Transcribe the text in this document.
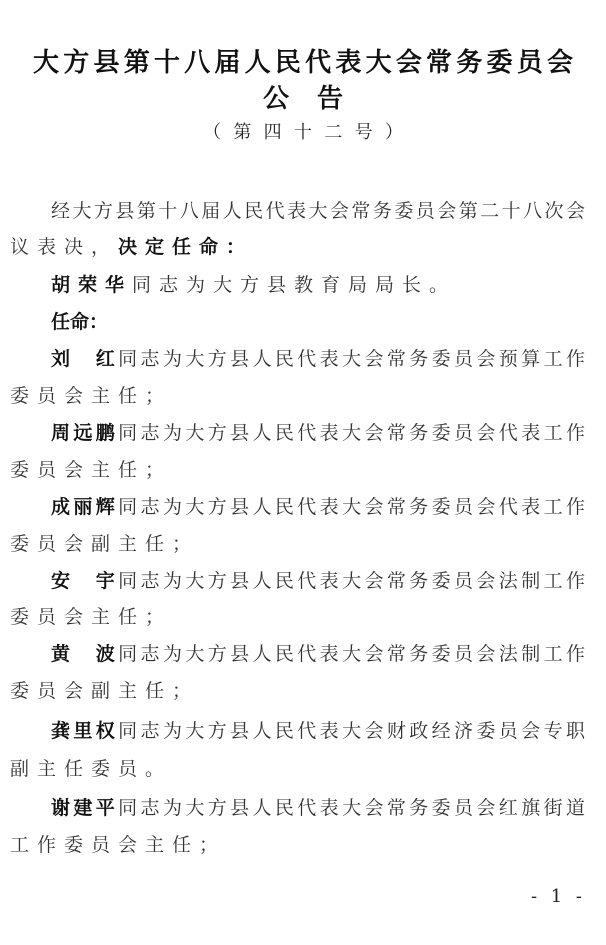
大方县第十八届人民代表大会常务委员会
公告
（第四十二号）
经大方县第十八届人民代表大会常务委员会第二十八次会
议表决，决定任命：
胡荣华同志为大方县教育局局长。
任命：
刘　红同志为大方县人民代表大会常务委员会预算工作
委员会主任；
周远鹏同志为大方县人民代表大会常务委员会代表工作
委员会主任；
成丽辉同志为大方县人民代表大会常务委员会代表工作
委员会副主任；
安　宇同志为大方县人民代表大会常务委员会法制工作
委员会主任；
黄　波同志为大方县人民代表大会常务委员会法制工作
委员会副主任；
龚里权同志为大方县人民代表大会财政经济委员会专职
副主任委员。
谢建平同志为大方县人民代表大会常务委员会红旗街道
工作委员会主任；
- 1 -
